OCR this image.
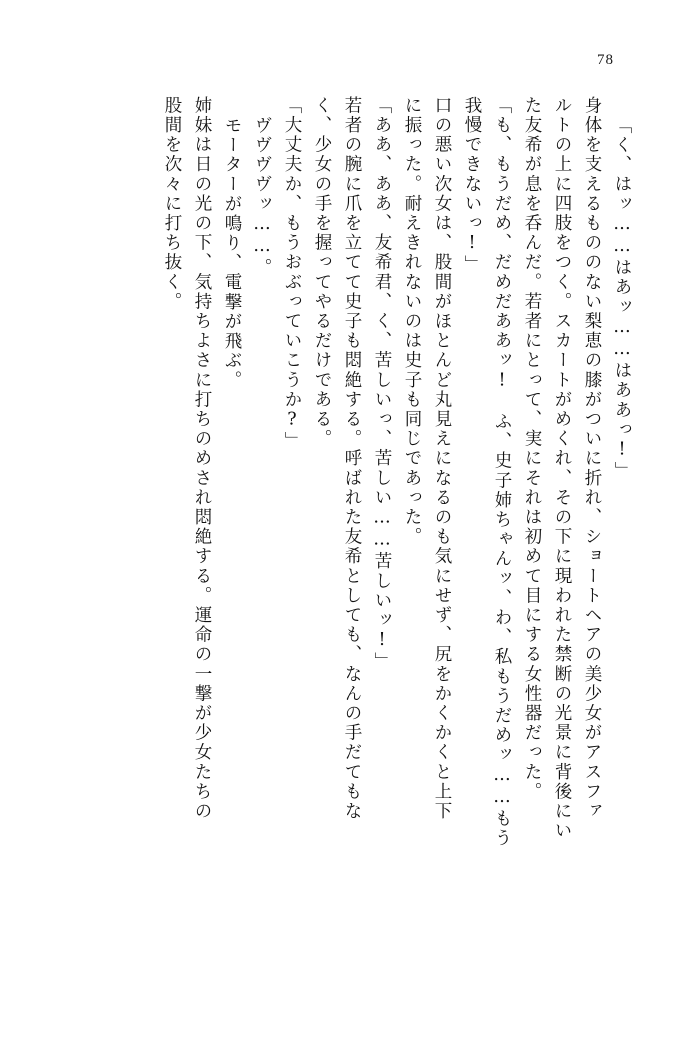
78
「く、はッ……はあッ……はああっ!」
身体を支えるもののない梨恵の膝がついに折れ、ショートヘアの美少女がアスファ
ルトの上に四肢をつく。スカートがめくれ、その下に現われた禁断の光景に背後にい
た友希が息を呑んだ。若者にとって、実にそれは初めて目にする女性器だった。
「も、もうだめ、だめだああッ!　ふ、史子姉ちゃんッ、わ、私もうだめッ……もう
我慢できないっ!」
口の悪い次女は、股間がほとんど丸見えになるのも気にせず、尻をかくかくと上下
に振った。耐えきれないのは史子も同じであった。
「ああ、ああ、友希君、く、苦しいっ、苦しい……苦しいッ!」
若者の腕に爪を立てて史子も悶絶する。呼ばれた友希としても、なんの手だてもな
く、少女の手を握ってやるだけである。
「大丈夫か、もうおぶっていこうか?」
ヴヴヴヴッ……。
モーターが鳴り、電撃が飛ぶ。
姉妹は日の光の下、気持ちよさに打ちのめされ悶絶する。運命の一撃が少女たちの
股間を次々に打ち抜く。
